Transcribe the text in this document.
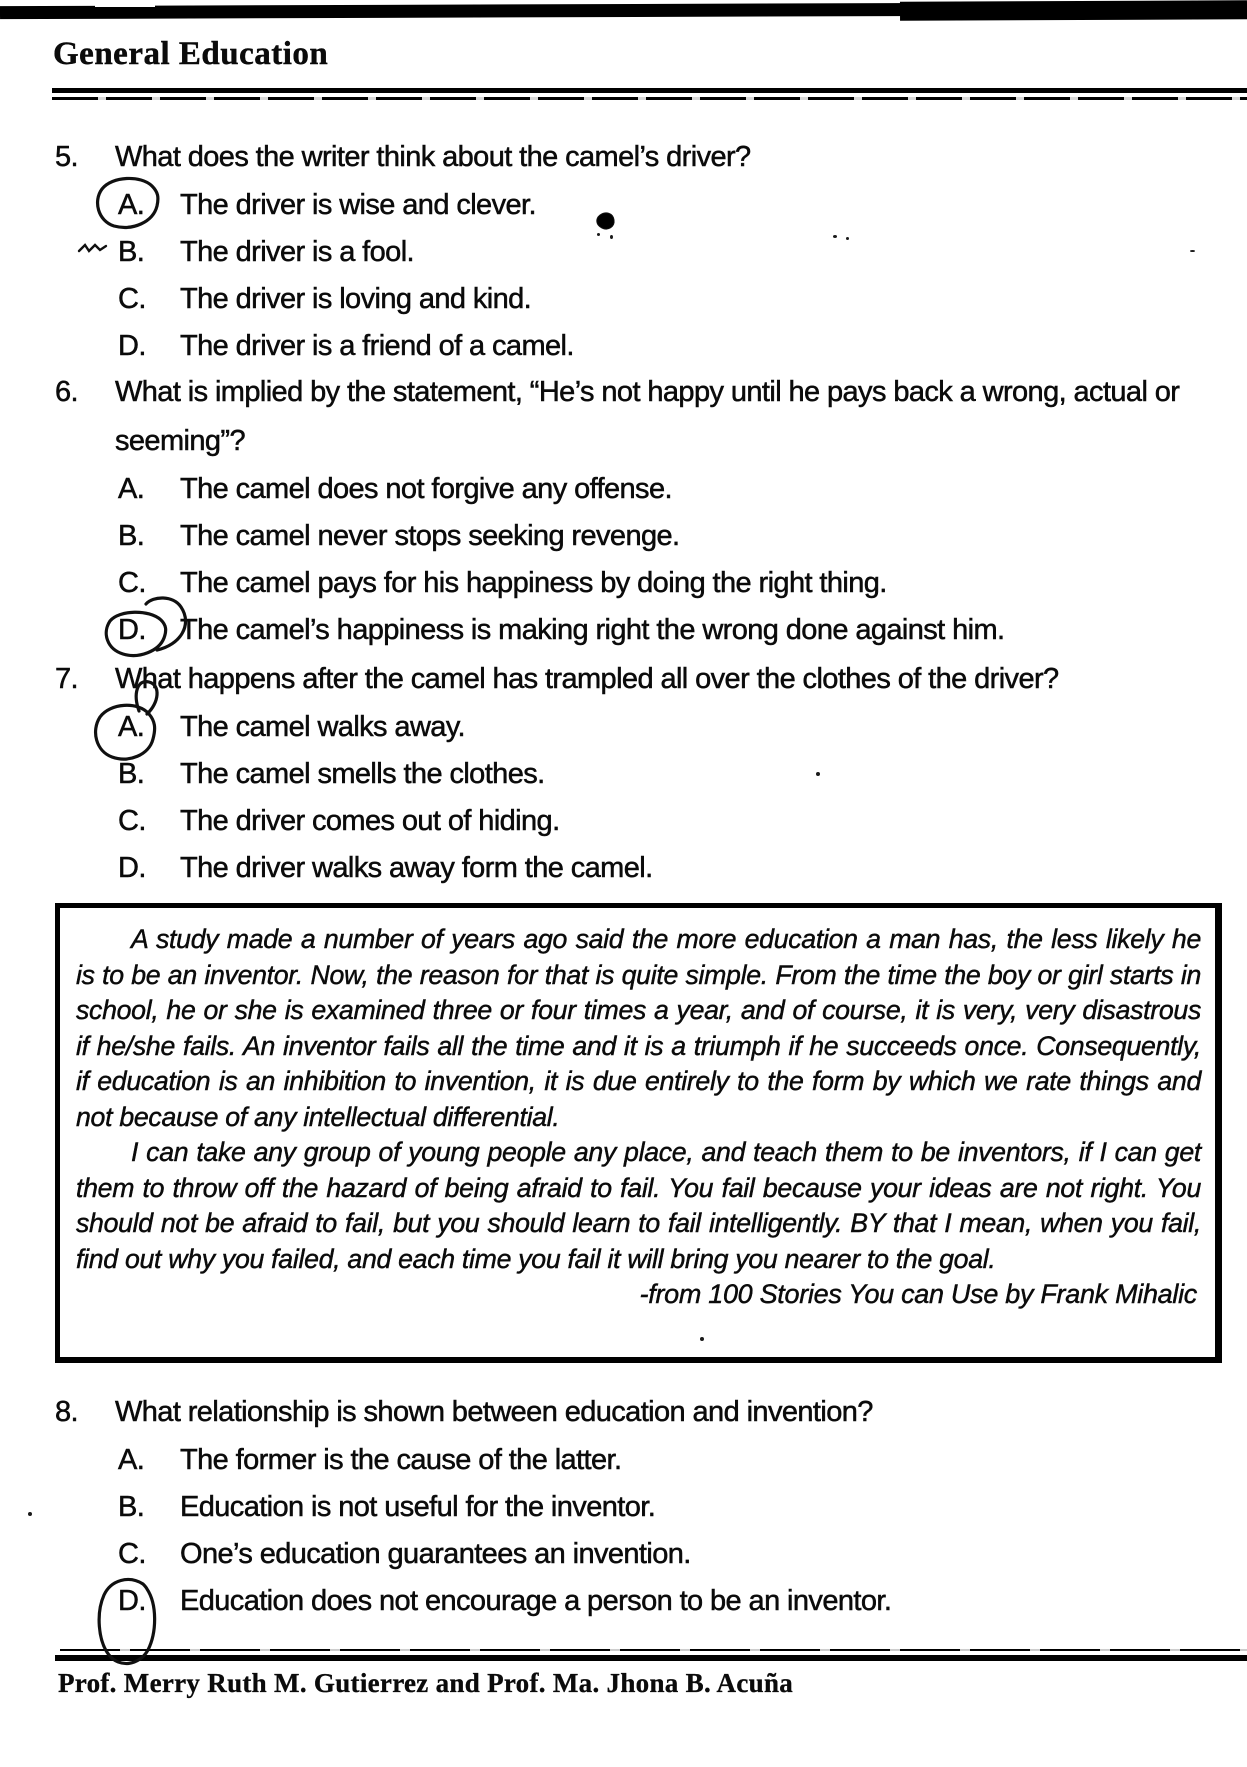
General Education
5. What does the writer think about the camel’s driver?
A. The driver is wise and clever.
B. The driver is a fool.
C. The driver is loving and kind.
D. The driver is a friend of a camel.
6. What is implied by the statement, “He’s not happy until he pays back a wrong, actual or seeming”?
A. The camel does not forgive any offense.
B. The camel never stops seeking revenge.
C. The camel pays for his happiness by doing the right thing.
D. The camel’s happiness is making right the wrong done against him.
7. What happens after the camel has trampled all over the clothes of the driver?
A. The camel walks away.
B. The camel smells the clothes.
C. The driver comes out of hiding.
D. The driver walks away form the camel.

A study made a number of years ago said the more education a man has, the less likely he is to be an inventor. Now, the reason for that is quite simple. From the time the boy or girl starts in school, he or she is examined three or four times a year, and of course, it is very, very disastrous if he/she fails. An inventor fails all the time and it is a triumph if he succeeds once. Consequently, if education is an inhibition to invention, it is due entirely to the form by which we rate things and not because of any intellectual differential.

I can take any group of young people any place, and teach them to be inventors, if I can get them to throw off the hazard of being afraid to fail. You fail because your ideas are not right. You should not be afraid to fail, but you should learn to fail intelligently. BY that I mean, when you fail, find out why you failed, and each time you fail it will bring you nearer to the goal.

-from 100 Stories You can Use by Frank Mihalic
8. What relationship is shown between education and invention?
A. The former is the cause of the latter.
B. Education is not useful for the inventor.
C. One’s education guarantees an invention.
D. Education does not encourage a person to be an inventor.
Prof. Merry Ruth M. Gutierrez and Prof. Ma. Jhona B. Acuña
